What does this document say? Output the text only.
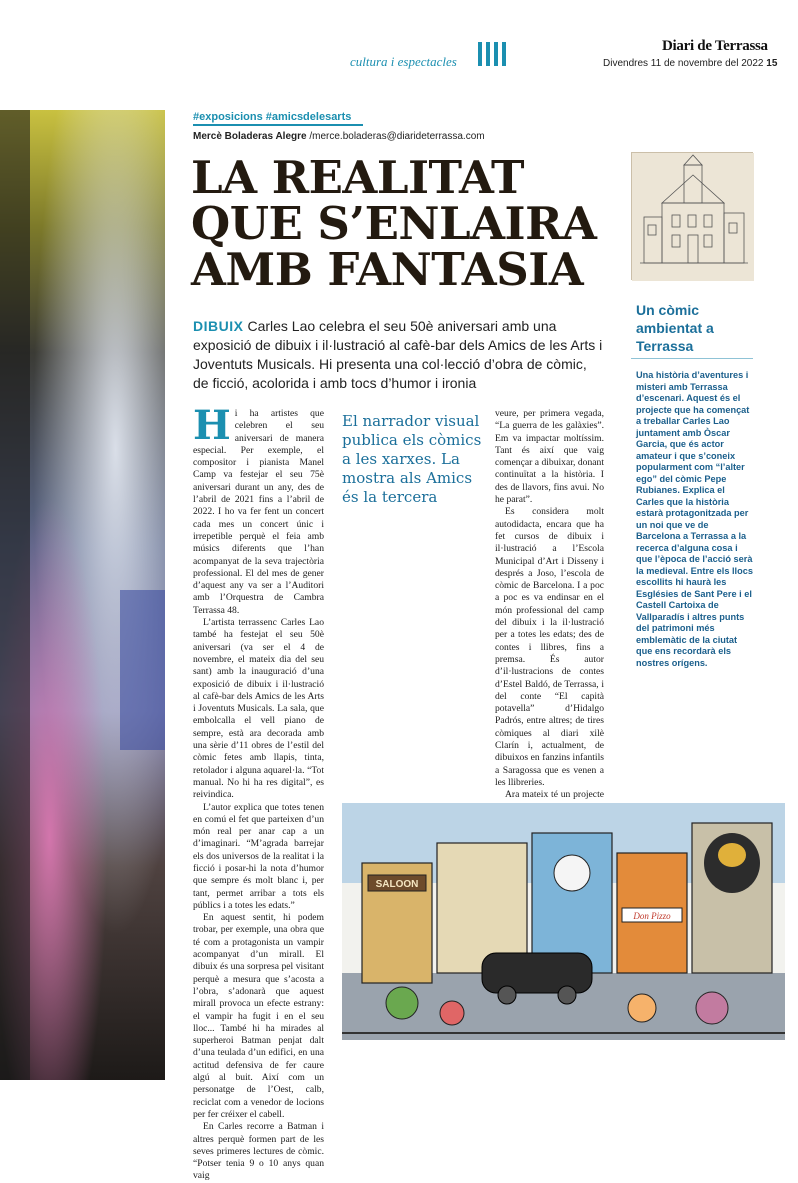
cultura i espectacles
Diari de Terrassa
Divendres 11 de novembre del 2022 15
#exposicions #amicsdelesarts
Mercè Boladeras Alegre /merce.boladeras@diarideterrassa.com
LA REALITAT
QUE S’ENLAIRA
AMB FANTASIA
DIBUIX Carles Lao celebra el seu 50è aniversari amb una exposició de dibuix i il·lustració al cafè-bar dels Amics de les Arts i Joventuts Musicals. Hi presenta una col·lecció d’obra de còmic, de ficció, acolorida i amb tocs d’humor i ironia

Hi ha artistes que celebren el seu aniversari de manera especial. Per exemple, el compositor i pianista Manel Camp va festejar el seu 75è aniversari durant un any, des de l’abril de 2021 fins a l’abril de 2022. I ho va fer fent un concert cada mes un concert únic i irrepetible perquè el feia amb músics diferents que l’han acompanyat de la seva trajectòria professional. El del mes de gener d’aquest any va ser a l’Auditori amb l’Orquestra de Cambra Terrassa 48.

L’artista terrassenc Carles Lao també ha festejat el seu 50è aniversari (va ser el 4 de novembre, el mateix dia del seu sant) amb la inauguració d’una exposició de dibuix i il·lustració al cafè-bar dels Amics de les Arts i Joventuts Musicals. La sala, que embolcalla el vell piano de sempre, està ara decorada amb una sèrie d’11 obres de l’estil del còmic fetes amb llapis, tinta, retolador i alguna aquarel·la. “Tot manual. No hi ha res digital”, es reivindica.

L’autor explica que totes tenen en comú el fet que parteixen d’un món real per anar cap a un d’imaginari. “M’agrada barrejar els dos universos de la realitat i la ficció i posar-hi la nota d’humor que sempre és molt blanc i, per tant, permet arribar a tots els públics i a totes les edats.”

En aquest sentit, hi podem trobar, per exemple, una obra que té com a protagonista un vampir acompanyat d’un mirall. El dibuix és una sorpresa pel visitant perquè a mesura que s’acosta a l’obra, s’adonarà que aquest mirall provoca un efecte estrany: el vampir ha fugit i en el seu lloc... També hi ha mirades al superheroi Batman penjat dalt d’una teulada d’un edifici, en una actitud defensiva de fer caure algú al buit. Així com un personatge de l’Oest, calb, reciclat com a venedor de locions per fer créixer el cabell.

En Carles recorre a Batman i altres perquè formen part de les seves primeres lectures de còmic. “Potser tenia 9 o 10 anys quan vaig

El narrador visual publica els còmics a les xarxes. La mostra als Amics és la tercera

veure, per primera vegada, “La guerra de les galàxies”. Em va impactar moltíssim. Tant és així que vaig començar a dibuixar, donant continuïtat a la història. I des de llavors, fins avui. No he parat”.

Es considera molt autodidacta, encara que ha fet cursos de dibuix i il·lustració a l’Escola Municipal d’Art i Disseny i després a Joso, l’escola de còmic de Barcelona. I a poc a poc es va endinsar en el món professional del camp del dibuix i la il·lustració per a totes les edats; des de contes i llibres, fins a premsa. És autor d’il·lustracions de contes d’Estel Baldó, de Terrassa, i del conte “El capità potavella” d’Hidalgo Padrós, entre altres; de tires còmiques al diari xilè Clarín i, actualment, de dibuixos en fanzins infantils a Saragossa que es venen a les llibreries.

Ara mateix té un projecte

Un còmic ambientat a Terrassa
Una història d’aventures i misteri amb Terrassa d’escenari. Aquest és el projecte que ha començat a treballar Carles Lao juntament amb Òscar Garcia, que és actor amateur i que s’coneix popularment com “l’alter ego” del còmic Pepe Rubianes. Explica el Carles que la història estarà protagonitzada per un noi que ve de Barcelona a Terrassa a la recerca d’alguna cosa i que l’època de l’acció serà la medieval. Entre els llocs escollits hi haurà les Esglésies de Sant Pere i el Castell Cartoixa de Vallparadís i altres punts del patrimoni més emblemàtic de la ciutat que ens recordarà els nostres orígens.
SALOON
Don Pizzo
